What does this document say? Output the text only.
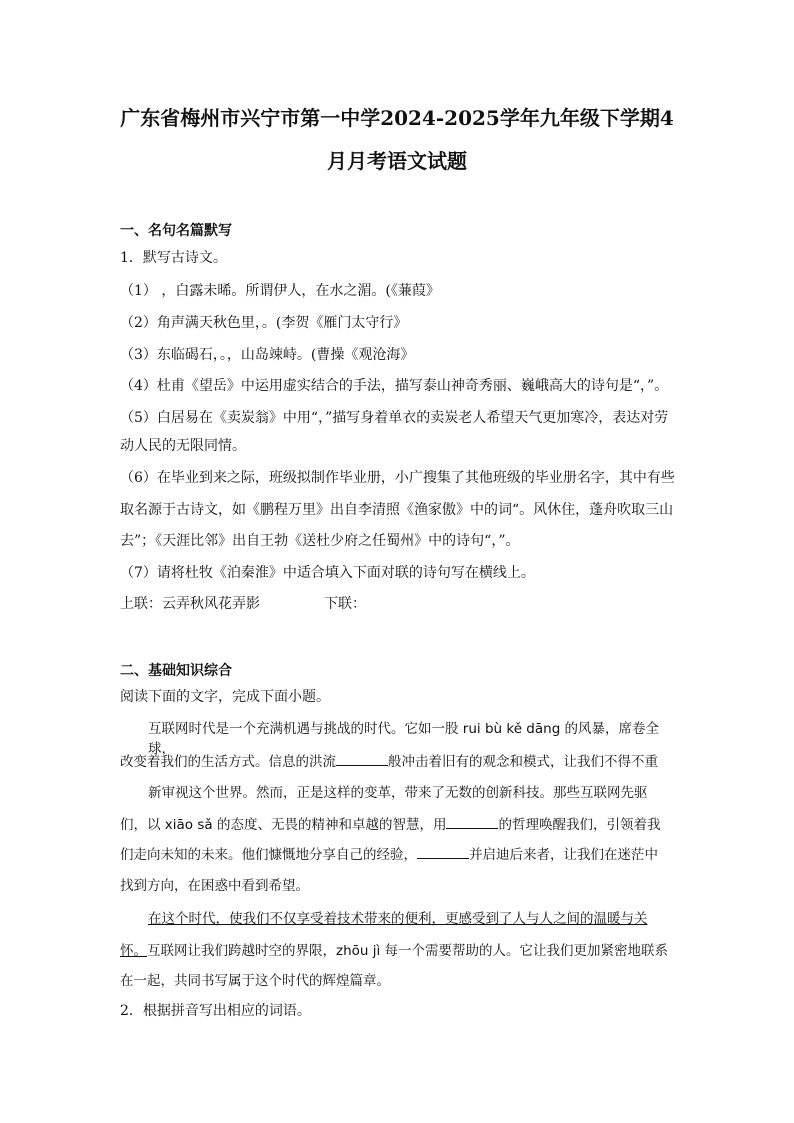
广东省梅州市兴宁市第一中学2024-2025学年九年级下学期4
月月考语文试题
一、名句名篇默写
1．默写古诗文。
（1） ，白露未晞。所谓伊人，在水之湄。(《蒹葭》
（2）角声满天秋色里，。(李贺《雁门太守行》
（3）东临碣石，。，山岛竦峙。(曹操《观沧海》
（4）杜甫《望岳》中运用虚实结合的手法，描写泰山神奇秀丽、巍峨高大的诗句是“，”。
（5）白居易在《卖炭翁》中用“，”描写身着单衣的卖炭老人希望天气更加寒冷，表达对劳
动人民的无限同情。
（6）在毕业到来之际，班级拟制作毕业册，小广搜集了其他班级的毕业册名字，其中有些
取名源于古诗文，如《鹏程万里》出自李清照《渔家傲》中的词“。风休住，蓬舟吹取三山
去”；《天涯比邻》出自王勃《送杜少府之任蜀州》中的诗句“，”。
（7）请将杜牧《泊秦淮》中适合填入下面对联的诗句写在横线上。
上联：云弄秋风花弄影	下联：
二、基础知识综合
阅读下面的文字，完成下面小题。
互联网时代是一个充满机遇与挑战的时代。它如一股 rui bù kě dāng 的风暴，席卷全球，
改变着我们的生活方式。信息的洪流	般冲击着旧有的观念和模式，让我们不得不重
新审视这个世界。然而，正是这样的变革，带来了无数的创新科技。那些互联网先驱
们，以 xiāo sǎ 的态度、无畏的精神和卓越的智慧，用	的哲理唤醒我们，引领着我
们走向未知的未来。他们慷慨地分享自己的经验，	并启迪后来者，让我们在迷茫中
找到方向，在困惑中看到希望。
在这个时代，使我们不仅享受着技术带来的便利，更感受到了人与人之间的温暖与关
怀。互联网让我们跨越时空的界限，zhōu jì 每一个需要帮助的人。它让我们更加紧密地联系
在一起，共同书写属于这个时代的辉煌篇章。
2．根据拼音写出相应的词语。
